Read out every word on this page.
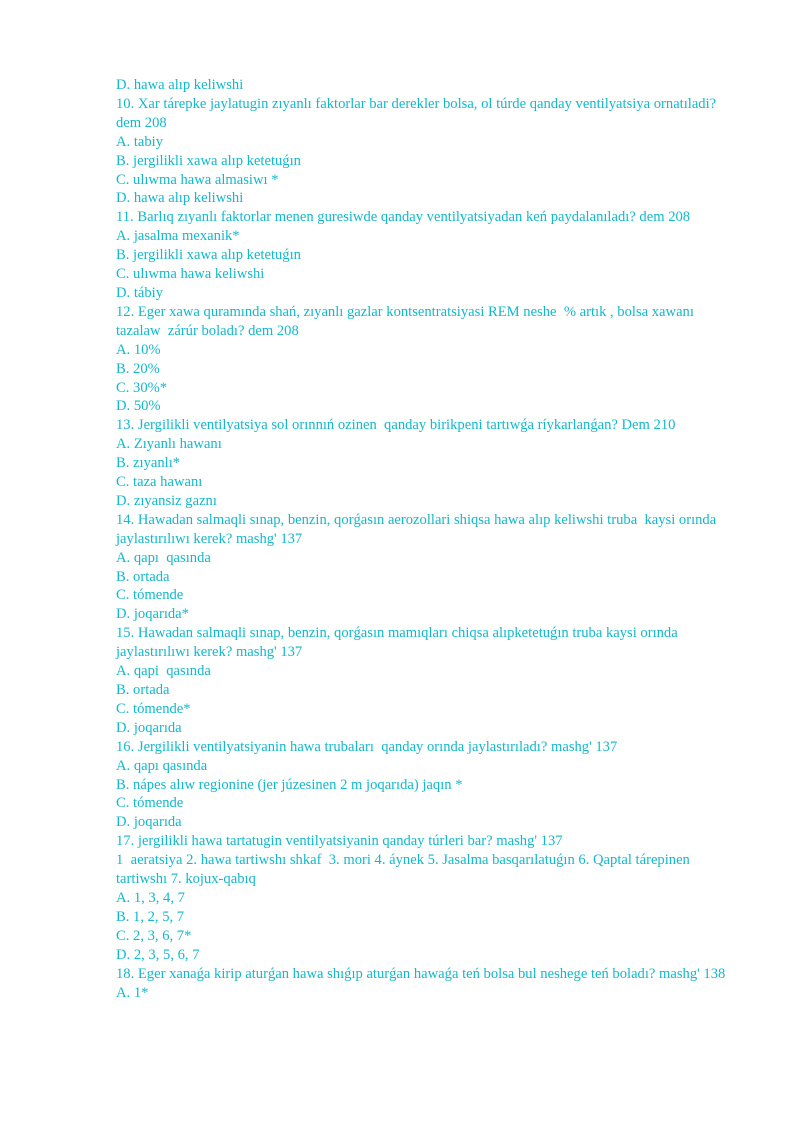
D. hawa alıp keliwshi

10. Xar tárepke jaylatugin zıyanlı faktorlar bar derekler bolsa, ol túrde qanday ventilyatsiya ornatıladi? dem 208

A. tabiy

B. jergilikli xawa alıp ketetuǵın

C. ulıwma hawa almasiwı *

D. hawa alıp keliwshi

11. Barlıq zıyanlı faktorlar menen guresiwde qanday ventilyatsiyadan keń paydalanıladı? dem 208

A. jasalma mexanik*

B. jergilikli xawa alıp ketetuǵın

C. ulıwma hawa keliwshi

D. tábiy

12. Eger xawa quramında shań, zıyanlı gazlar kontsentratsiyasi REM neshe  % artık , bolsa xawanı  tazalaw  zárúr boladı? dem 208

A. 10%

B. 20%

C. 30%*

D. 50%

13. Jergilikli ventilyatsiya sol orınnıń ozinen  qanday birikpeni tartıwǵa ríykarlanǵan? Dem 210

A. Zıyanlı hawanı

B. zıyanlı*

C. taza hawanı

D. zıyansiz gaznı

14. Hawadan salmaqli sınap, benzin, qorǵasın aerozollari shiqsa hawa alıp keliwshi truba  kaysi orında  jaylastırılıwı kerek? mashg' 137

A. qapı  qasında

B. ortada

C. tómende

D. joqarıda*

15. Hawadan salmaqli sınap, benzin, qorǵasın mamıqları chiqsa alıpketetuǵın truba kaysi orında jaylastırılıwı kerek? mashg' 137

A. qapi  qasında

B. ortada

C. tómende*

D. joqarıda

16. Jergilikli ventilyatsiyanin hawa trubaları  qanday orında jaylastırıladı? mashg' 137

A. qapı qasında

B. nápes alıw regionine (jer júzesinen 2 m joqarıda) jaqın *

C. tómende

D. joqarıda

17. jergilikli hawa tartatugin ventilyatsiyanin qanday túrleri bar? mashg' 137

1  aeratsiya 2. hawa tartiwshı shkaf  3. mori 4. áynek 5. Jasalma basqarılatuǵın 6. Qaptal tárepinen  tartiwshı 7. kojux-qabıq

A. 1, 3, 4, 7

B. 1, 2, 5, 7

C. 2, 3, 6, 7*

D. 2, 3, 5, 6, 7

18. Eger xanaǵa kirip aturǵan hawa shıǵıp aturǵan hawaǵa teń bolsa bul neshege teń boladı? mashg' 138

A. 1*
